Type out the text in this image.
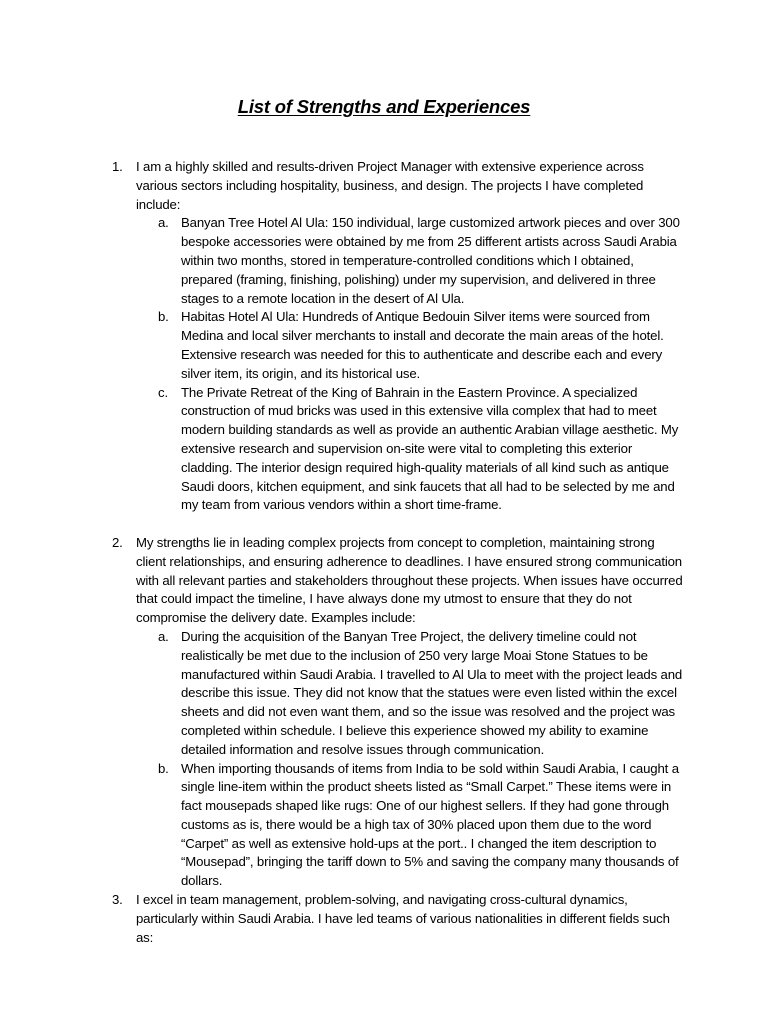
List of Strengths and Experiences
1. I am a highly skilled and results-driven Project Manager with extensive experience across various sectors including hospitality, business, and design. The projects I have completed include:

a. Banyan Tree Hotel Al Ula: 150 individual, large customized artwork pieces and over 300 bespoke accessories were obtained by me from 25 different artists across Saudi Arabia within two months, stored in temperature-controlled conditions which I obtained, prepared (framing, finishing, polishing) under my supervision, and delivered in three stages to a remote location in the desert of Al Ula.

b. Habitas Hotel Al Ula: Hundreds of Antique Bedouin Silver items were sourced from Medina and local silver merchants to install and decorate the main areas of the hotel. Extensive research was needed for this to authenticate and describe each and every silver item, its origin, and its historical use.

c. The Private Retreat of the King of Bahrain in the Eastern Province. A specialized construction of mud bricks was used in this extensive villa complex that had to meet modern building standards as well as provide an authentic Arabian village aesthetic. My extensive research and supervision on-site were vital to completing this exterior cladding. The interior design required high-quality materials of all kind such as antique Saudi doors, kitchen equipment, and sink faucets that all had to be selected by me and my team from various vendors within a short time-frame.

2. My strengths lie in leading complex projects from concept to completion, maintaining strong client relationships, and ensuring adherence to deadlines. I have ensured strong communication with all relevant parties and stakeholders throughout these projects. When issues have occurred that could impact the timeline, I have always done my utmost to ensure that they do not compromise the delivery date. Examples include:

a. During the acquisition of the Banyan Tree Project, the delivery timeline could not realistically be met due to the inclusion of 250 very large Moai Stone Statues to be manufactured within Saudi Arabia. I travelled to Al Ula to meet with the project leads and describe this issue. They did not know that the statues were even listed within the excel sheets and did not even want them, and so the issue was resolved and the project was completed within schedule. I believe this experience showed my ability to examine detailed information and resolve issues through communication.

b. When importing thousands of items from India to be sold within Saudi Arabia, I caught a single line-item within the product sheets listed as “Small Carpet.” These items were in fact mousepads shaped like rugs: One of our highest sellers. If they had gone through customs as is, there would be a high tax of 30% placed upon them due to the word “Carpet” as well as extensive hold-ups at the port.. I changed the item description to “Mousepad”, bringing the tariff down to 5% and saving the company many thousands of dollars.

3. I excel in team management, problem-solving, and navigating cross-cultural dynamics, particularly within Saudi Arabia. I have led teams of various nationalities in different fields such as:
